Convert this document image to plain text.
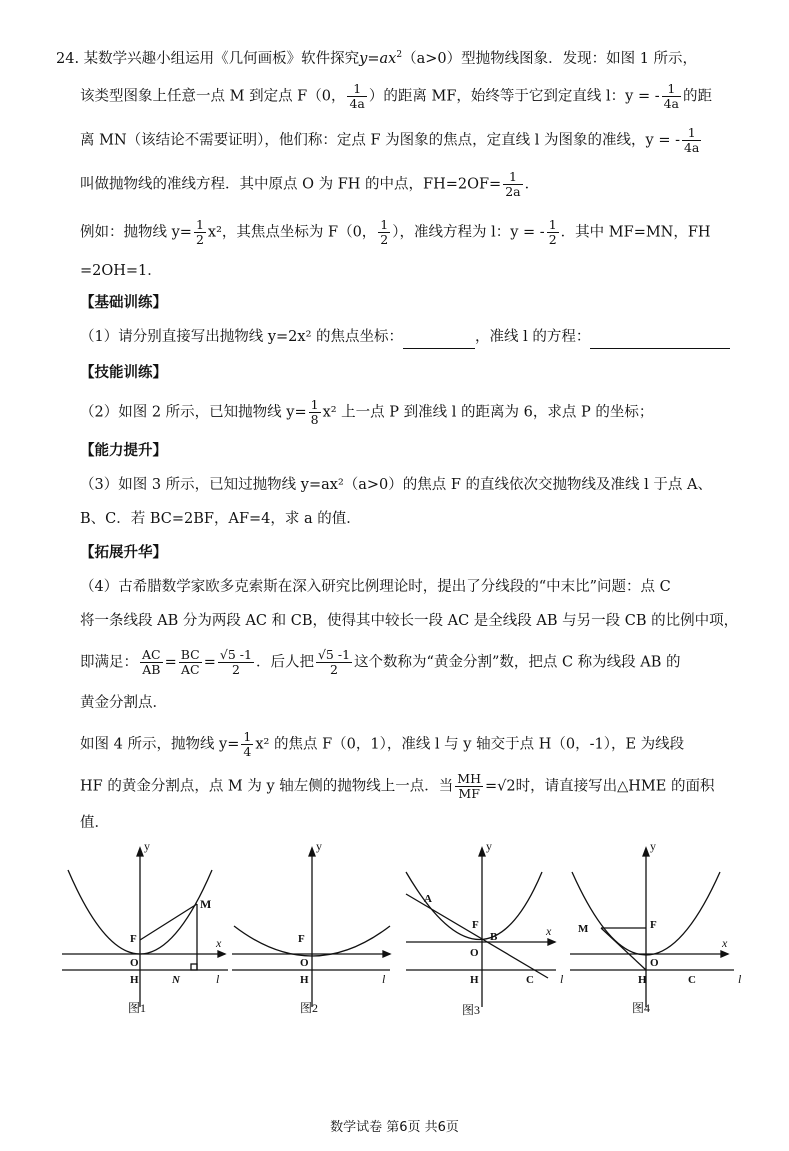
24. 某数学兴趣小组运用《几何画板》软件探究$y=ax^2(a>0)$型抛物线图象．发现：如图 1 所示，
该类型图象上任意一点 M 到定点 F（0， $\frac{1}{4a}$ ）的距离 MF，始终等于它到定直线 l：y = - $\frac{1}{4a}$ 的距
离 MN（该结论不需要证明），他们称：定点 F 为图象的焦点，定直线 l 为图象的准线，y = - $\frac{1}{4a}$
叫做抛物线的准线方程．其中原点 O 为 FH 的中点，$FH=2OF= \frac{1}{2a}$ ．
例如：抛物线 $y= \frac{1}{2} x^2$，其焦点坐标为 F（0， $\frac{1}{2}$ ），准线方程为 l：y = - $\frac{1}{2}$ ．其中 MF=MN，FH
=2OH=1．
【基础训练】
（1）请分别直接写出抛物线 y=2x² 的焦点坐标：	，准线 l 的方程：
【技能训练】
（2）如图 2 所示，已知抛物线 $y= \frac{1}{8} x^2$ 上一点 P 到准线 l 的距离为 6，求点 P 的坐标；
【能力提升】
（3）如图 3 所示，已知过抛物线 y=ax²（a>0）的焦点 F 的直线依次交抛物线及准线 l 于点 A、
B、C．若 BC=2BF，AF=4，求 a 的值．
【拓展升华】
（4）古希腊数学家欧多克索斯在深入研究比例理论时，提出了分线段的“中末比”问题：点 C
将一条线段 AB 分为两段 AC 和 CB，使得其中较长一段 AC 是全线段 AB 与另一段 CB 的比例中项，
即满足： $\frac{AC}{AB} = \frac{BC}{AC} = \frac{√5 -1}{2}$ ．后人把 $\frac{√5 -1}{2}$ 这个数称为“黄金分割”数，把点 C 称为线段 AB 的
黄金分割点．
如图 4 所示，抛物线 $y= \frac{1}{4} x^2$ 的焦点 F（0，1），准线 l 与 y 轴交于点 H（0，-1），E 为线段
HF 的黄金分割点，点 M 为 y 轴左侧的抛物线上一点．当 $\frac{MH}{MF} =√2$时，请直接写出△HME 的面积
值．
y
x
M
F
O
H	N	l
图1
y
F
O
H	l
图2
y
x
A
F
B
O
H	C l
图3
y
x
M	F
O
H	C	l
图4
数学试卷 第6页 共6页
